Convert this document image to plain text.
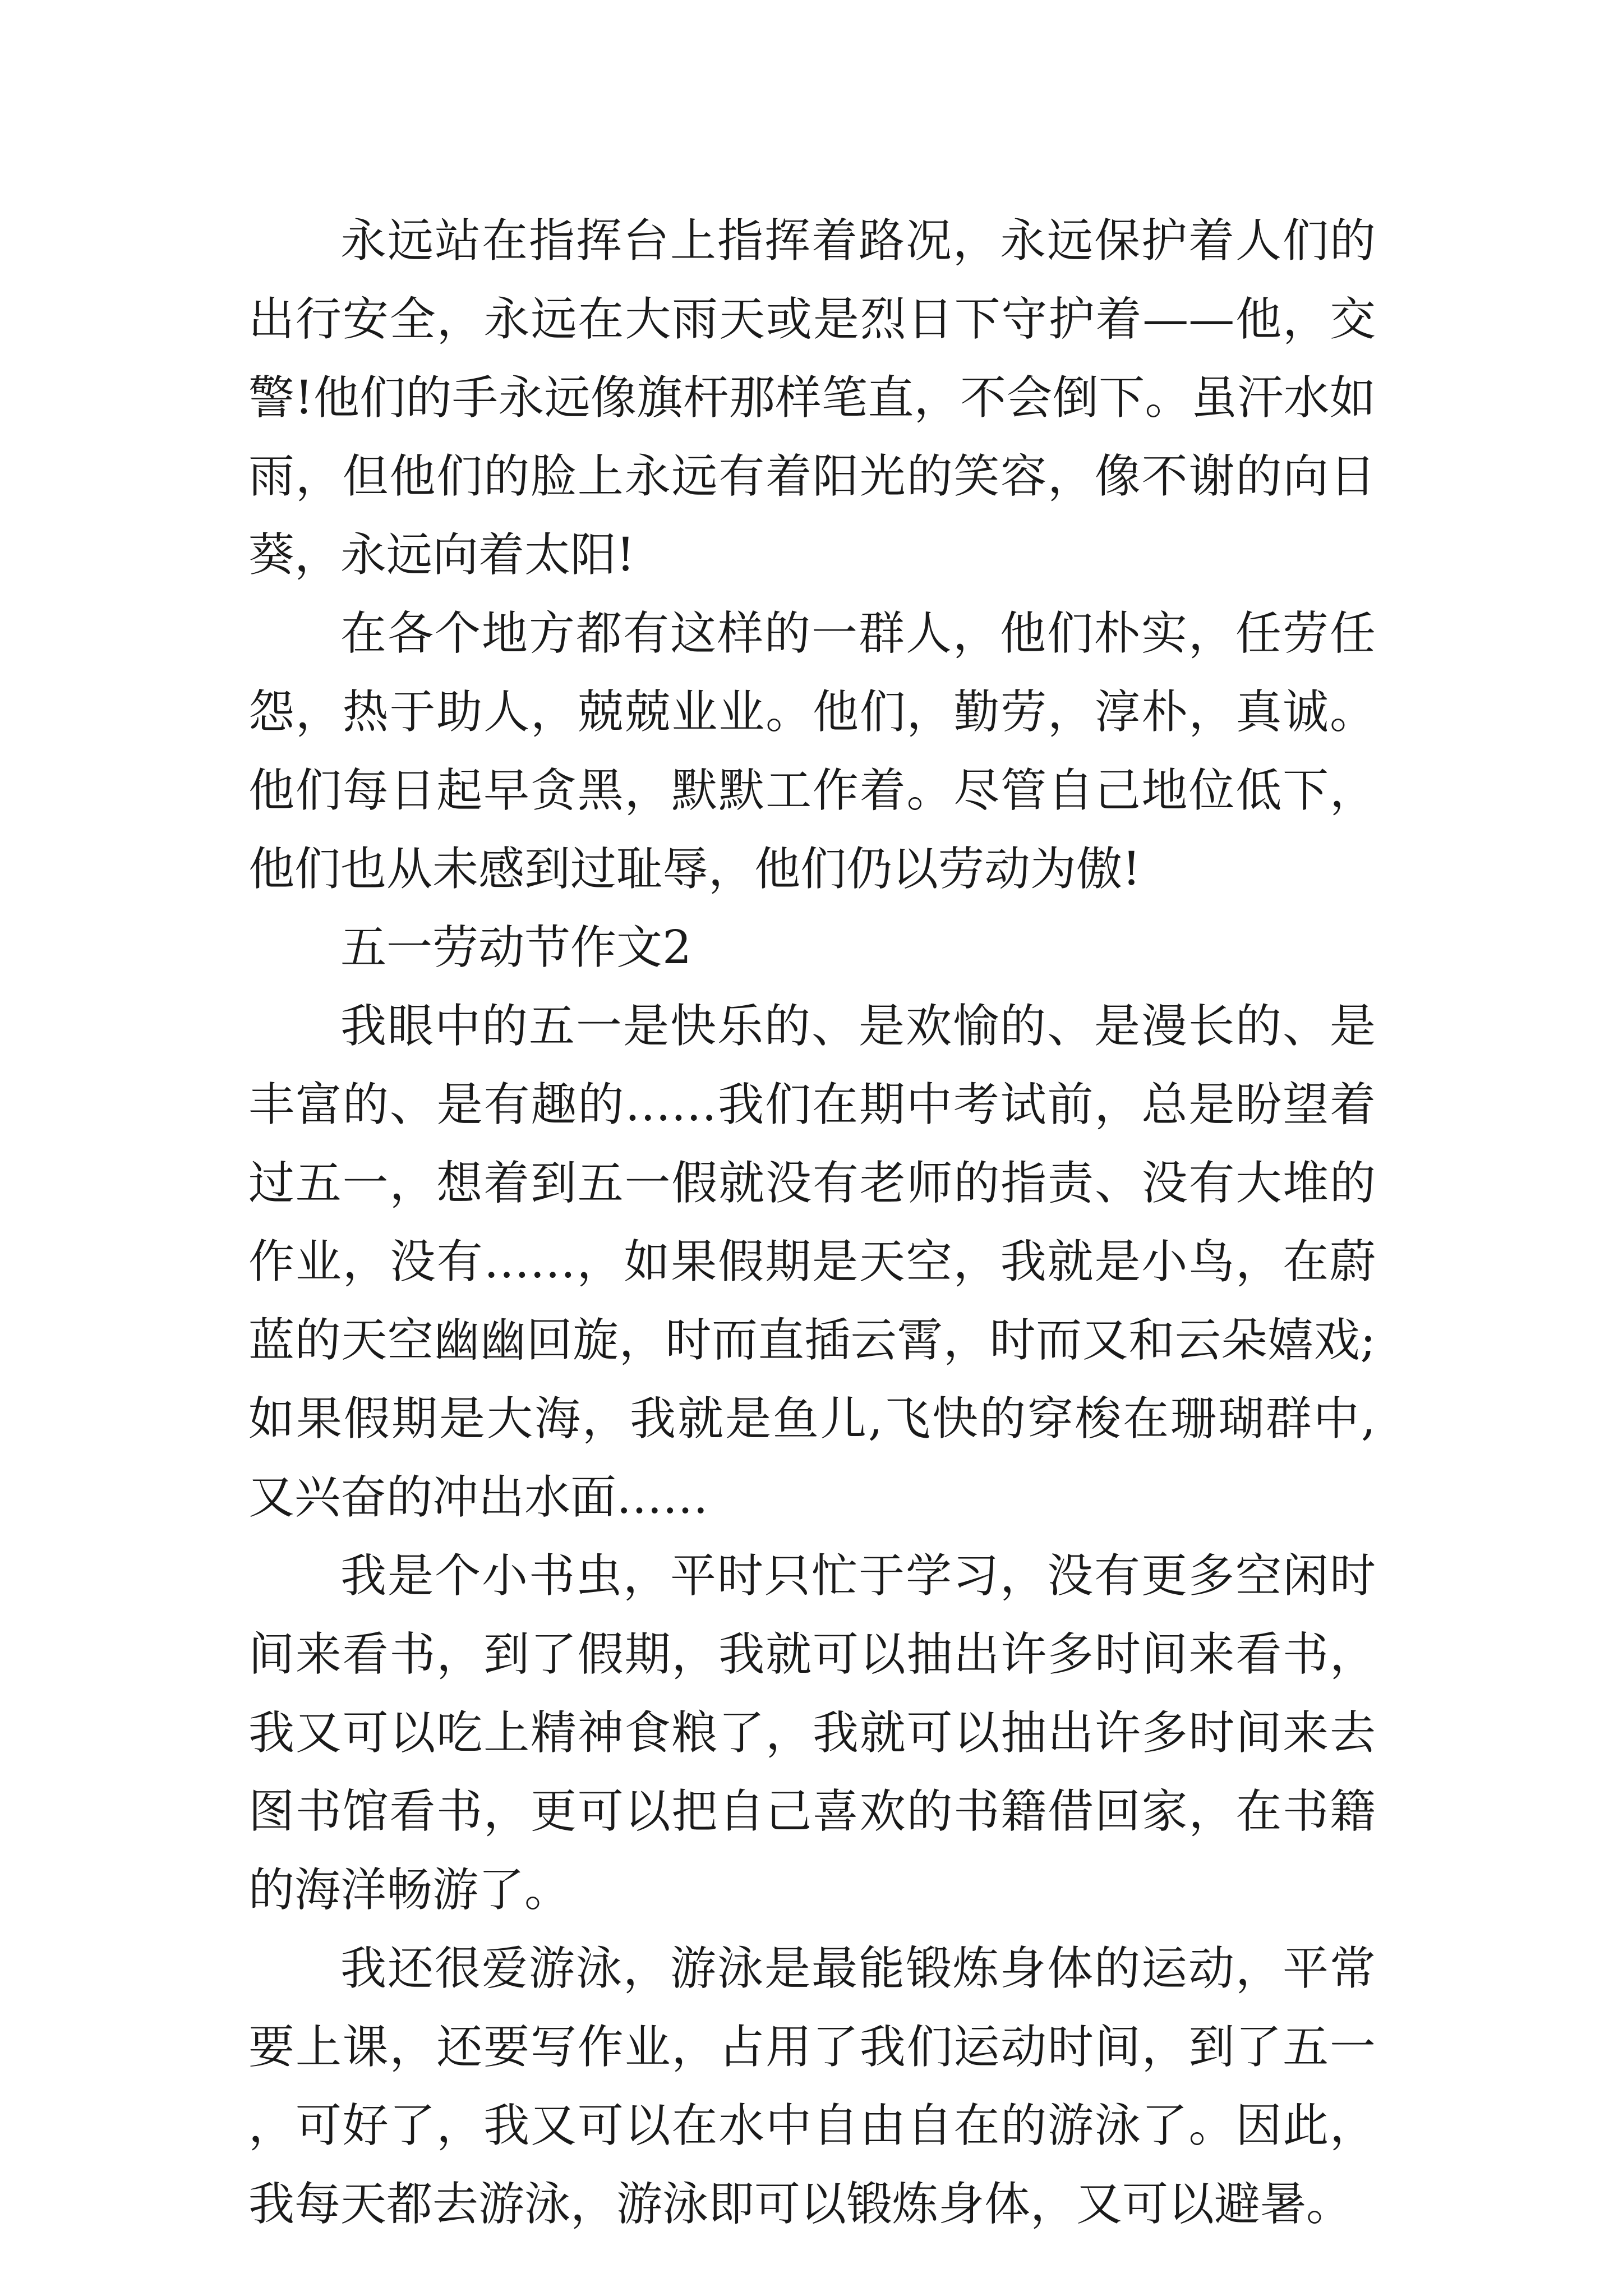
永远站在指挥台上指挥着路况，永远保护着人们的出行安全，永远在大雨天或是烈日下守护着——他，交警!他们的手永远像旗杆那样笔直，不会倒下。虽汗水如雨，但他们的脸上永远有着阳光的笑容，像不谢的向日葵，永远向着太阳!

在各个地方都有这样的一群人，他们朴实，任劳任怨，热于助人，兢兢业业。他们，勤劳，淳朴，真诚。他们每日起早贪黑，默默工作着。尽管自己地位低下，他们也从未感到过耻辱，他们仍以劳动为傲!

五一劳动节作文2

我眼中的五一是快乐的、是欢愉的、是漫长的、是丰富的、是有趣的……我们在期中考试前，总是盼望着过五一，想着到五一假就没有老师的指责、没有大堆的作业，没有……，如果假期是天空，我就是小鸟，在蔚蓝的天空幽幽回旋，时而直插云霄，时而又和云朵嬉戏;如果假期是大海，我就是鱼儿,飞快的穿梭在珊瑚群中,又兴奋的冲出水面……

我是个小书虫，平时只忙于学习，没有更多空闲时间来看书，到了假期，我就可以抽出许多时间来看书，我又可以吃上精神食粮了，我就可以抽出许多时间来去图书馆看书，更可以把自己喜欢的书籍借回家，在书籍的海洋畅游了。

我还很爱游泳，游泳是最能锻炼身体的运动，平常要上课，还要写作业，占用了我们运动时间，到了五一，可好了，我又可以在水中自由自在的游泳了。因此，我每天都去游泳，游泳即可以锻炼身体，又可以避暑。
